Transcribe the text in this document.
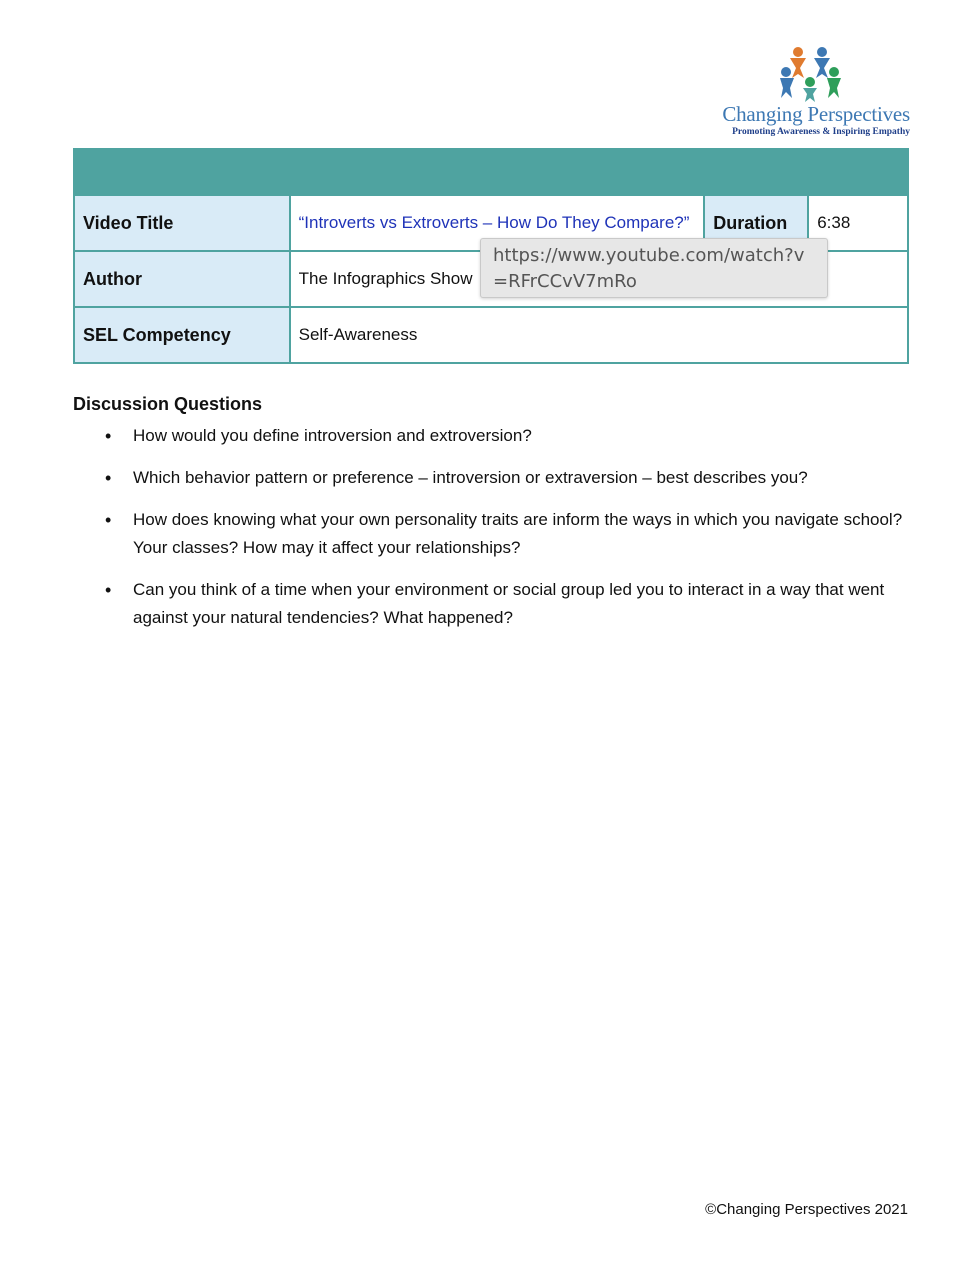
Changing Perspectives
Promoting Awareness & Inspiring Empathy

Video Title	“Introverts vs Extroverts – How Do They Compare?”	Duration	6:38
Author	The Infographics Show		
SEL Competency	Self-Awareness		
https://www.youtube.com/watch?v=RFrCCvV7mRo
Discussion Questions
• How would you define introversion and extroversion?
• Which behavior pattern or preference – introversion or extraversion – best describes you?
• How does knowing what your own personality traits are inform the ways in which you navigate school? Your classes? How may it affect your relationships?
• Can you think of a time when your environment or social group led you to interact in a way that went against your natural tendencies? What happened?
©Changing Perspectives 2021
